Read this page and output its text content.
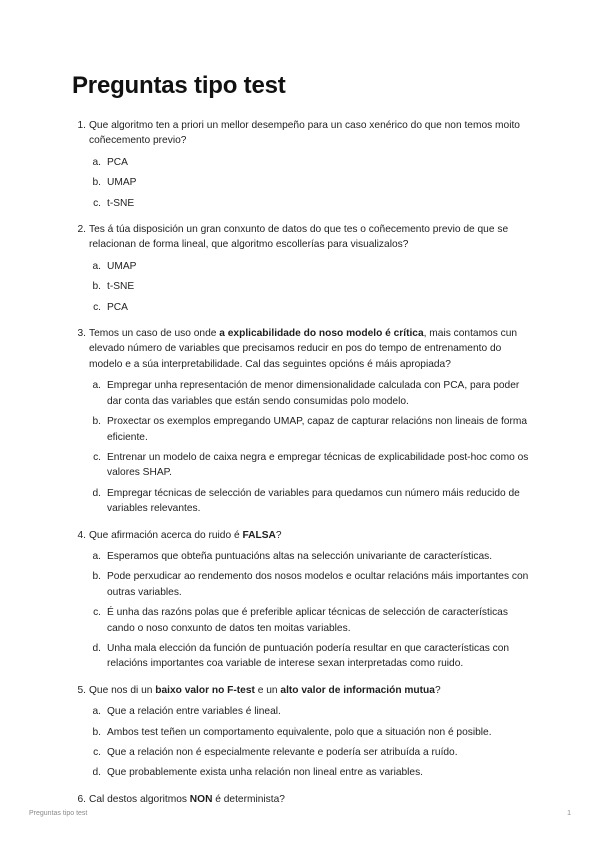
Preguntas tipo test
1. Que algoritmo ten a priori un mellor desempeño para un caso xenérico do que non temos moito coñecemento previo?
a. PCA
b. UMAP
c. t-SNE
2. Tes á túa disposición un gran conxunto de datos do que tes o coñecemento previo de que se relacionan de forma lineal, que algoritmo escollerías para visualizalos?
a. UMAP
b. t-SNE
c. PCA
3. Temos un caso de uso onde a explicabilidade do noso modelo é crítica, mais contamos cun elevado número de variables que precisamos reducir en pos do tempo de entrenamento do modelo e a súa interpretabilidade. Cal das seguintes opcións é máis apropiada?
a. Empregar unha representación de menor dimensionalidade calculada con PCA, para poder dar conta das variables que están sendo consumidas polo modelo.
b. Proxectar os exemplos empregando UMAP, capaz de capturar relacións non lineais de forma eficiente.
c. Entrenar un modelo de caixa negra e empregar técnicas de explicabilidade post-hoc como os valores SHAP.
d. Empregar técnicas de selección de variables para quedamos cun número máis reducido de variables relevantes.
4. Que afirmación acerca do ruido é FALSA?
a. Esperamos que obteña puntuacións altas na selección univariante de características.
b. Pode perxudicar ao rendemento dos nosos modelos e ocultar relacións máis importantes con outras variables.
c. É unha das razóns polas que é preferible aplicar técnicas de selección de características cando o noso conxunto de datos ten moitas variables.
d. Unha mala elección da función de puntuación podería resultar en que características con relacións importantes coa variable de interese sexan interpretadas como ruido.
5. Que nos di un baixo valor no F-test e un alto valor de información mutua?
a. Que a relación entre variables é lineal.
b. Ambos test teñen un comportamento equivalente, polo que a situación non é posible.
c. Que a relación non é especialmente relevante e podería ser atribuída a ruído.
d. Que probablemente exista unha relación non lineal entre as variables.
6. Cal destos algoritmos NON é determinista?
Preguntas tipo test	1
